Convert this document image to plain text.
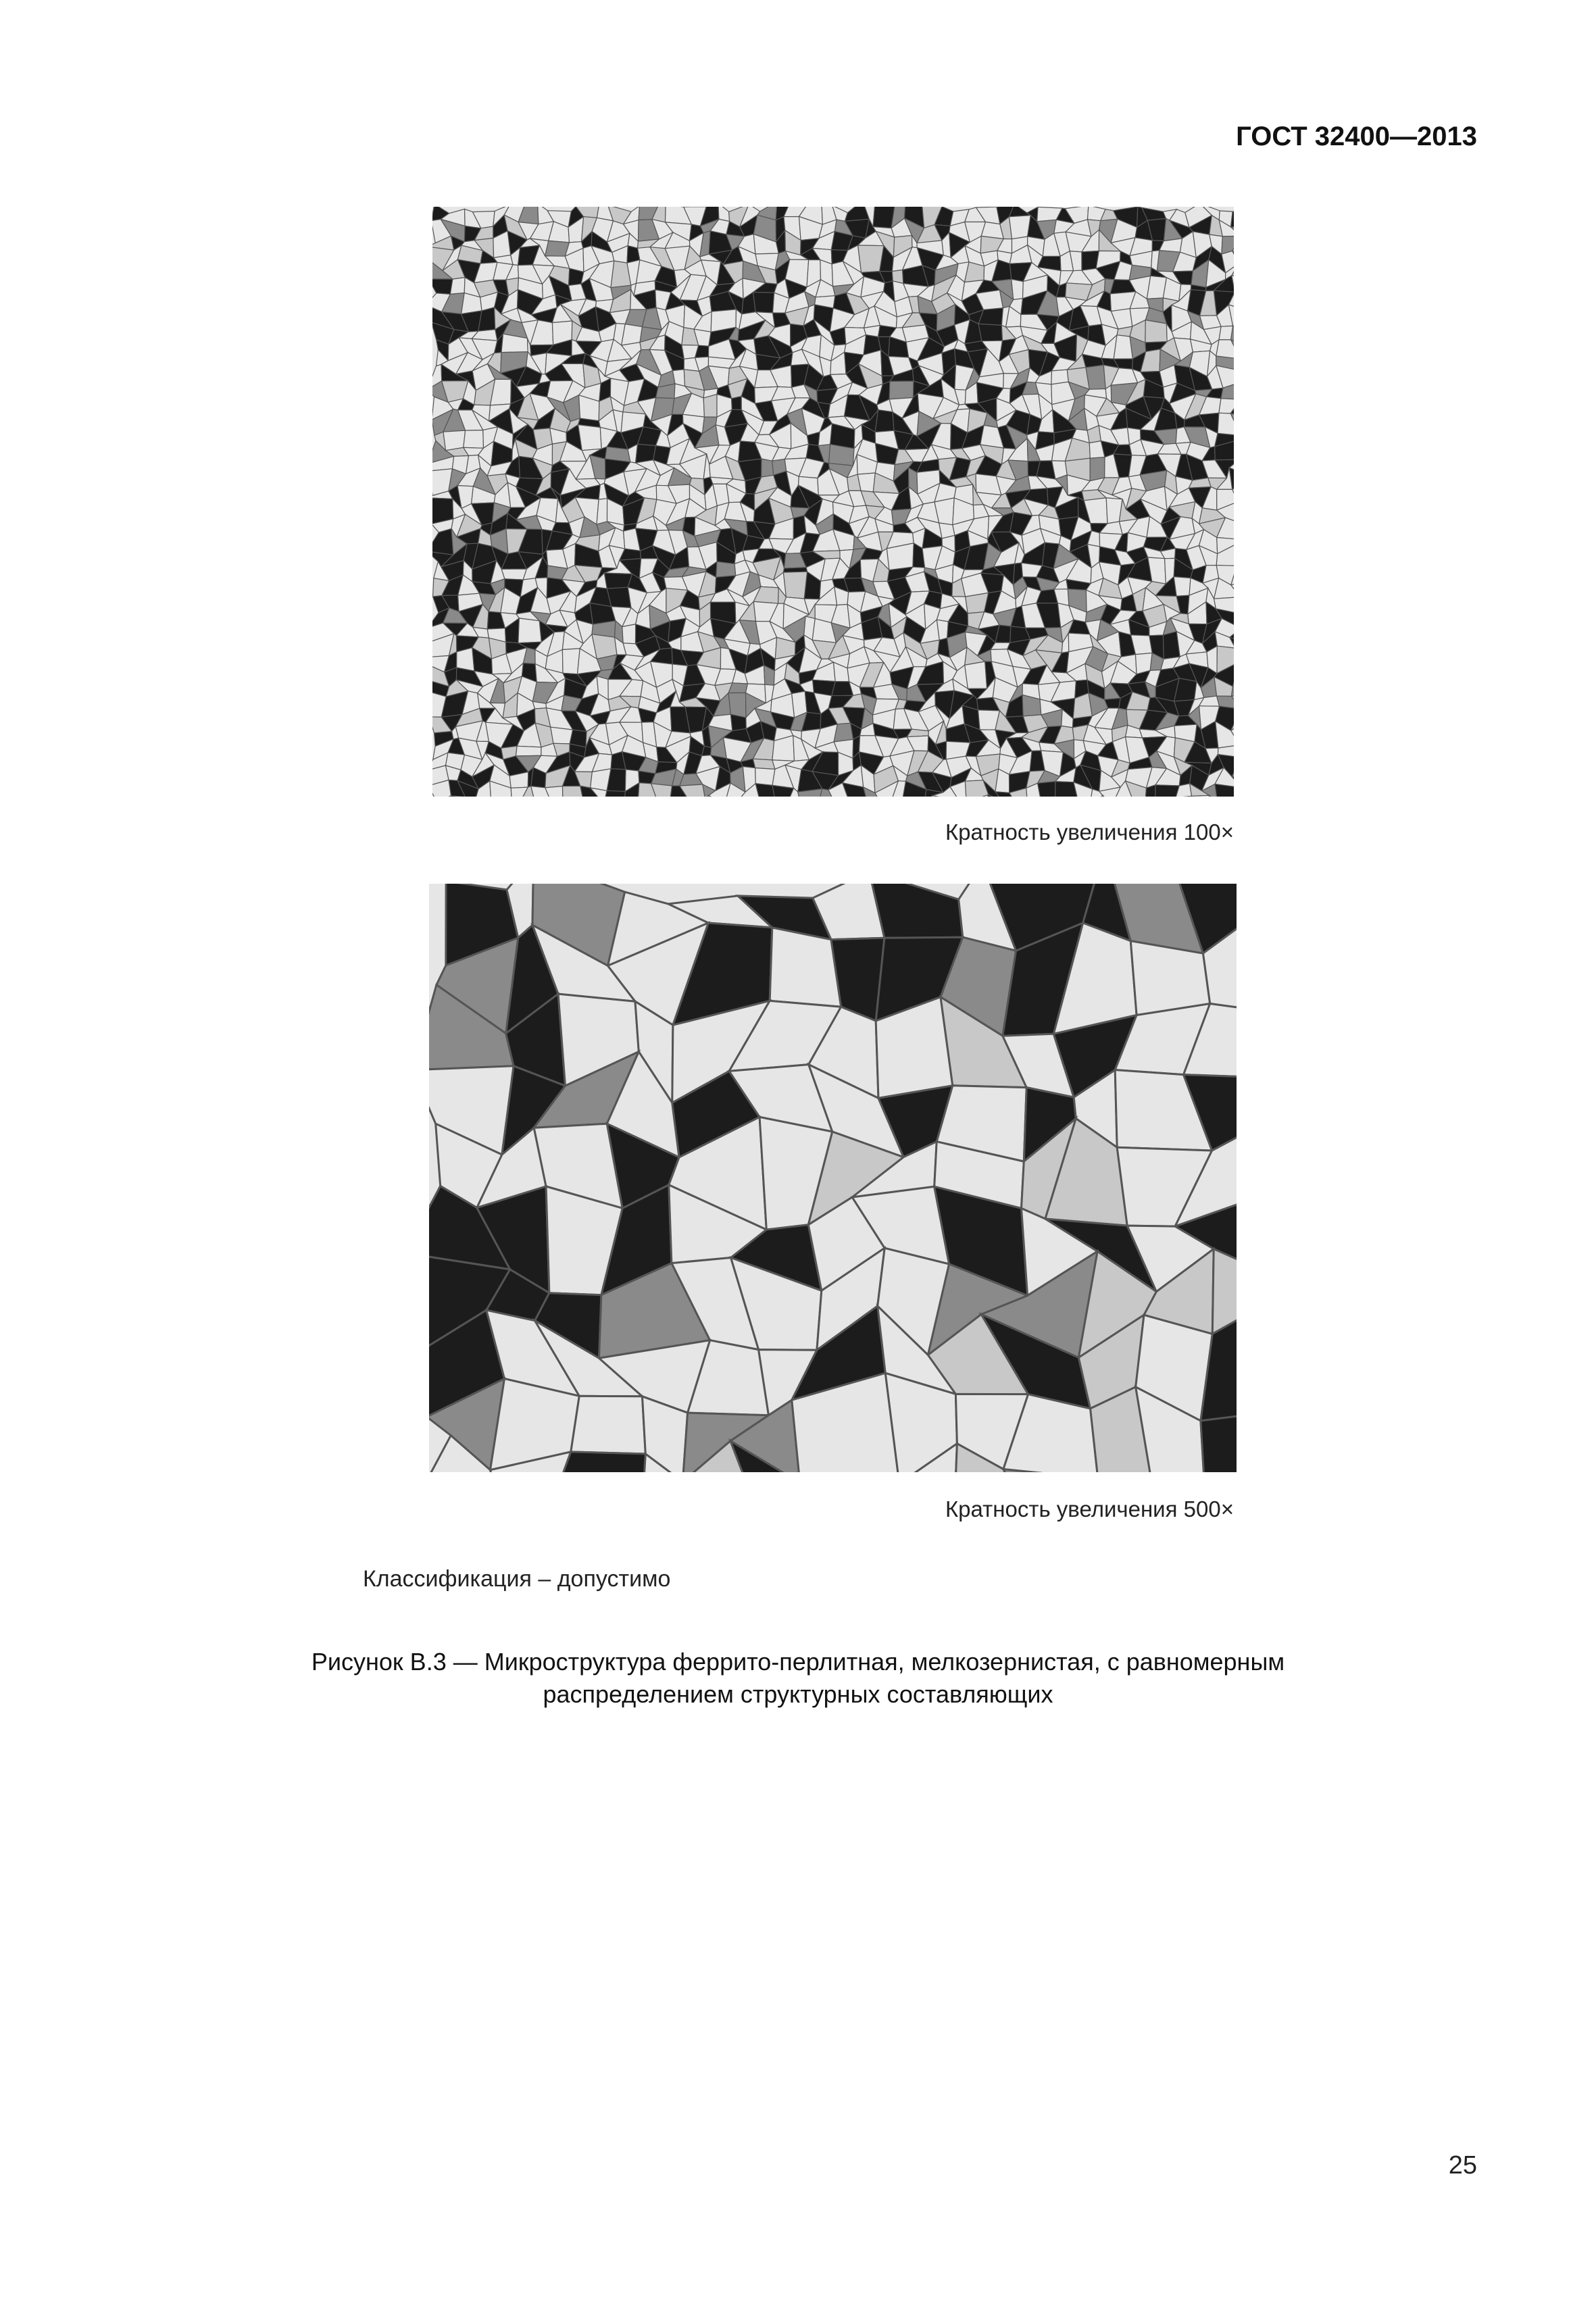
ГОСТ 32400—2013
Кратность увеличения 100×
Кратность увеличения 500×
Классификация – допустимо
Рисунок В.3 — Микроструктура феррито-перлитная, мелкозернистая, с равномерным
распределением структурных составляющих
25
